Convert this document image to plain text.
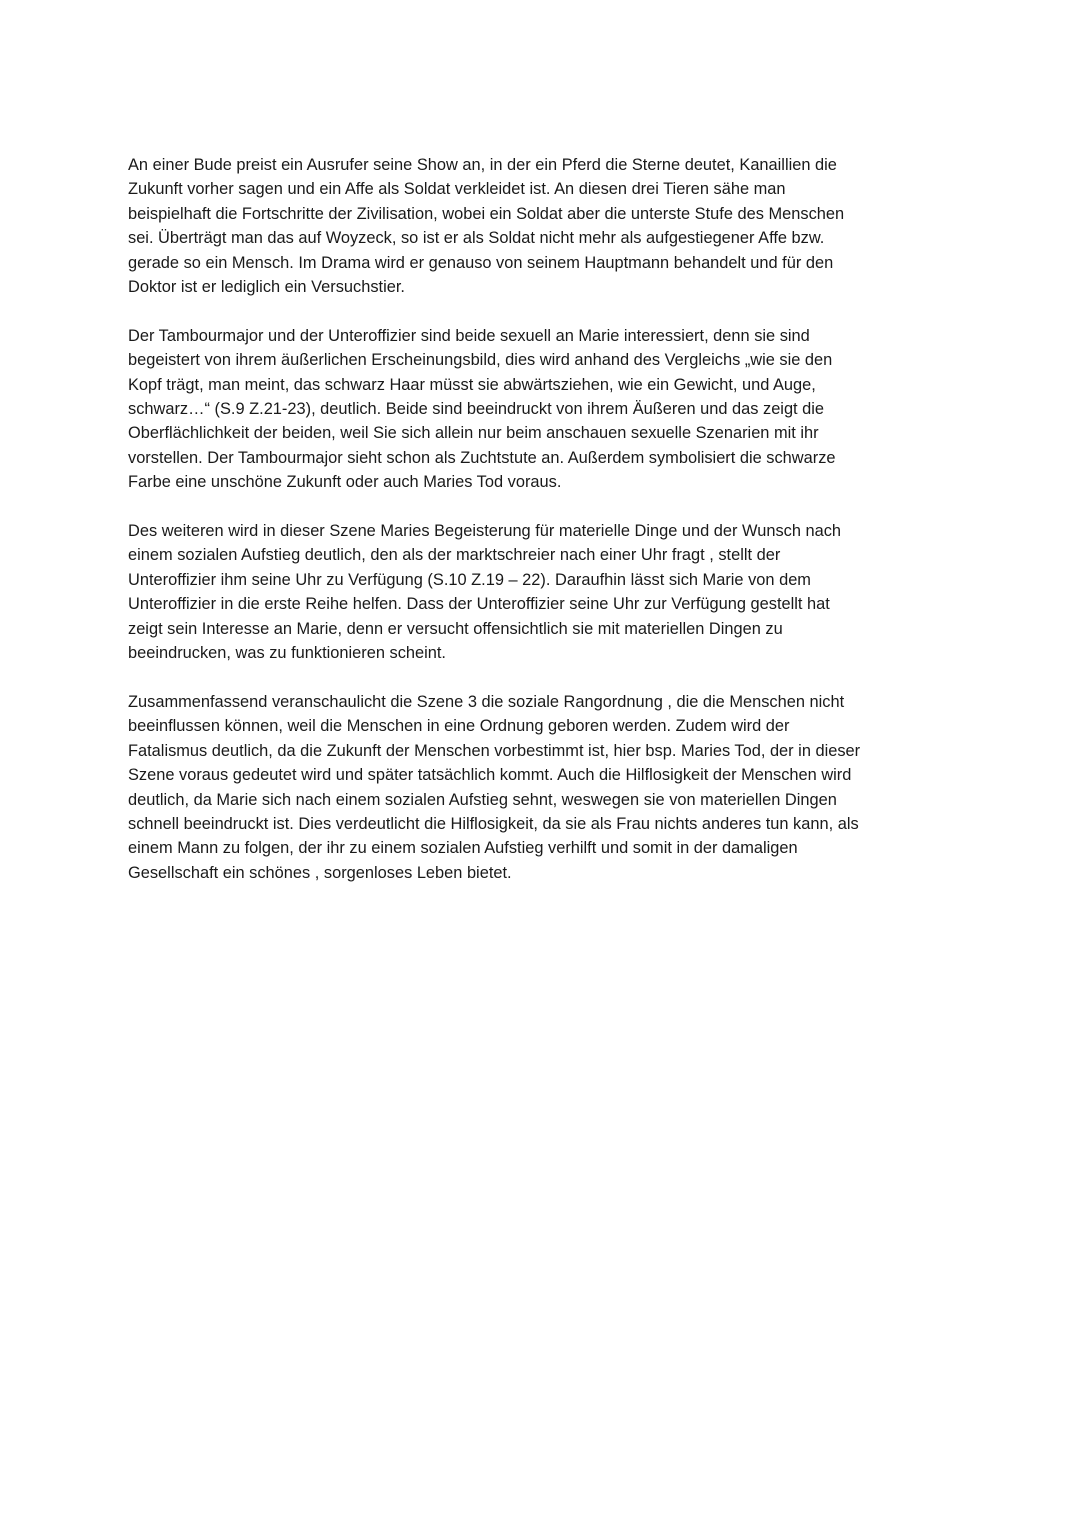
An einer Bude preist ein Ausrufer seine Show an, in der ein Pferd die Sterne deutet, Kanaillien die
Zukunft vorher sagen und ein Affe als Soldat verkleidet ist. An diesen drei Tieren sähe man
beispielhaft die Fortschritte der Zivilisation, wobei ein Soldat aber die unterste Stufe des Menschen
sei. Überträgt man das auf Woyzeck, so ist er als Soldat nicht mehr als aufgestiegener Affe bzw.
gerade so ein Mensch. Im Drama wird er genauso von seinem Hauptmann behandelt und für den
Doktor ist er lediglich ein Versuchstier.

Der Tambourmajor und der Unteroffizier sind beide sexuell an Marie interessiert, denn sie sind
begeistert von ihrem äußerlichen Erscheinungsbild, dies wird anhand des Vergleichs „wie sie den
Kopf trägt, man meint, das schwarz Haar müsst sie abwärtsziehen, wie ein Gewicht, und Auge,
schwarz…“ (S.9 Z.21-23), deutlich. Beide sind beeindruckt von ihrem Äußeren und das zeigt die
Oberflächlichkeit der beiden, weil Sie sich allein nur beim anschauen sexuelle Szenarien mit ihr
vorstellen. Der Tambourmajor sieht schon als Zuchtstute an. Außerdem symbolisiert die schwarze
Farbe eine unschöne Zukunft oder auch Maries Tod voraus.

Des weiteren wird in dieser Szene Maries Begeisterung für materielle Dinge und der Wunsch nach
einem sozialen Aufstieg deutlich, den als der marktschreier nach einer Uhr fragt , stellt der
Unteroffizier ihm seine Uhr zu Verfügung (S.10 Z.19 – 22). Daraufhin lässt sich Marie von dem
Unteroffizier in die erste Reihe helfen. Dass der Unteroffizier seine Uhr zur Verfügung gestellt hat
zeigt sein Interesse an Marie, denn er versucht offensichtlich sie mit materiellen Dingen zu
beeindrucken, was zu funktionieren scheint.

Zusammenfassend veranschaulicht die Szene 3 die soziale Rangordnung , die die Menschen nicht
beeinflussen können, weil die Menschen in eine Ordnung geboren werden. Zudem wird der
Fatalismus deutlich, da die Zukunft der Menschen vorbestimmt ist, hier bsp. Maries Tod, der in dieser
Szene voraus gedeutet wird und später tatsächlich kommt. Auch die Hilflosigkeit der Menschen wird
deutlich, da Marie sich nach einem sozialen Aufstieg sehnt, weswegen sie von materiellen Dingen
schnell beeindruckt ist. Dies verdeutlicht die Hilflosigkeit, da sie als Frau nichts anderes tun kann, als
einem Mann zu folgen, der ihr zu einem sozialen Aufstieg verhilft und somit in der damaligen
Gesellschaft ein schönes , sorgenloses Leben bietet.
